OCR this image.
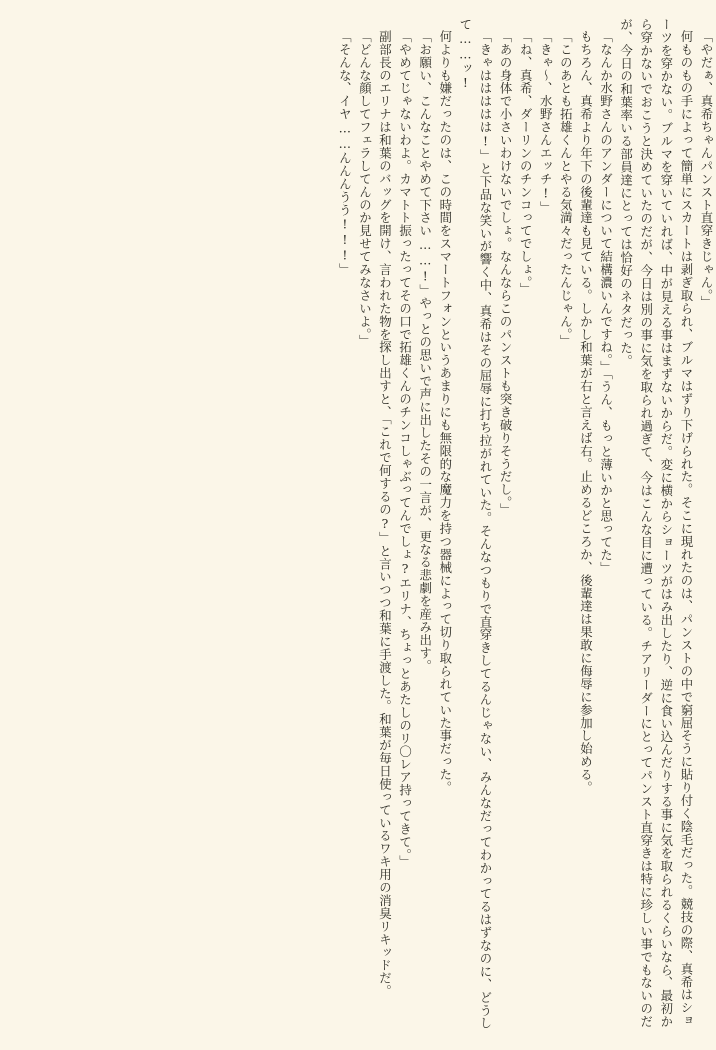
「やだぁ、真希ちゃんパンスト直穿きじゃん。」

何ものもの手によって簡単にスカートは剥ぎ取られ、ブルマはずり下げられた。そこに現れたのは、パンストの中で窮屈そうに貼り付く陰毛だった。競技の際、真希はショーツを穿かない。ブルマを穿いていれば、中が見える事はまずないからだ。変に横からショーツがはみ出したり、逆に食い込んだりする事に気を取られるくらいなら、最初から穿かないでおこうと決めていたのだが、今日は別の事に気を取られ過ぎて、今はこんな目に遭っている。チアリーダーにとってパンスト直穿きは特に珍しい事でもないのだが、今日の和葉率いる部員達にとっては恰好のネタだった。

「なんか水野さんのアンダーについて結構濃いんですね。」「うん、もっと薄いかと思ってた」

もちろん、真希より年下の後輩達も見ている。しかし和葉が右と言えば右。止めるどころか、後輩達は果敢に侮辱に参加し始める。

「このあとも拓雄くんとやる気満々だったんじゃん。」

「きゃ～、水野さんエッチ!」

「ね、真希、ダーリンのチンコってでしょ。」

「あの身体で小さいわけないでしょ。なんならこのパンストも突き破りそうだし。」

「きゃははははは!」と下品な笑いが響く中、真希はその屈辱に打ち拉がれていた。そんなつもりで直穿きしてるんじゃない、みんなだってわかってるはずなのに、どうして……ッ!

何よりも嫌だったのは、この時間をスマートフォンというあまりにも無限的な魔力を持つ器械によって切り取られていた事だった。

「お願い、こんなことやめて下さい……!」やっとの思いで声に出したその一言が、更なる悲劇を産み出す。

「やめてじゃないわよ。カマトト振ったってその口で拓雄くんのチンコしゃぶってんでしょ?エリナ、ちょっとあたしのリ〇レア持ってきて。」

副部長のエリナは和葉のバッグを開け、言われた物を探し出すと、「これで何するの?」と言いつつ和葉に手渡した。和葉が毎日使っているワキ用の消臭リキッドだ。

「どんな顔してフェラしてんのか見せてみなさいよ。」

「そんな、イヤ……んんんうう!!!」
